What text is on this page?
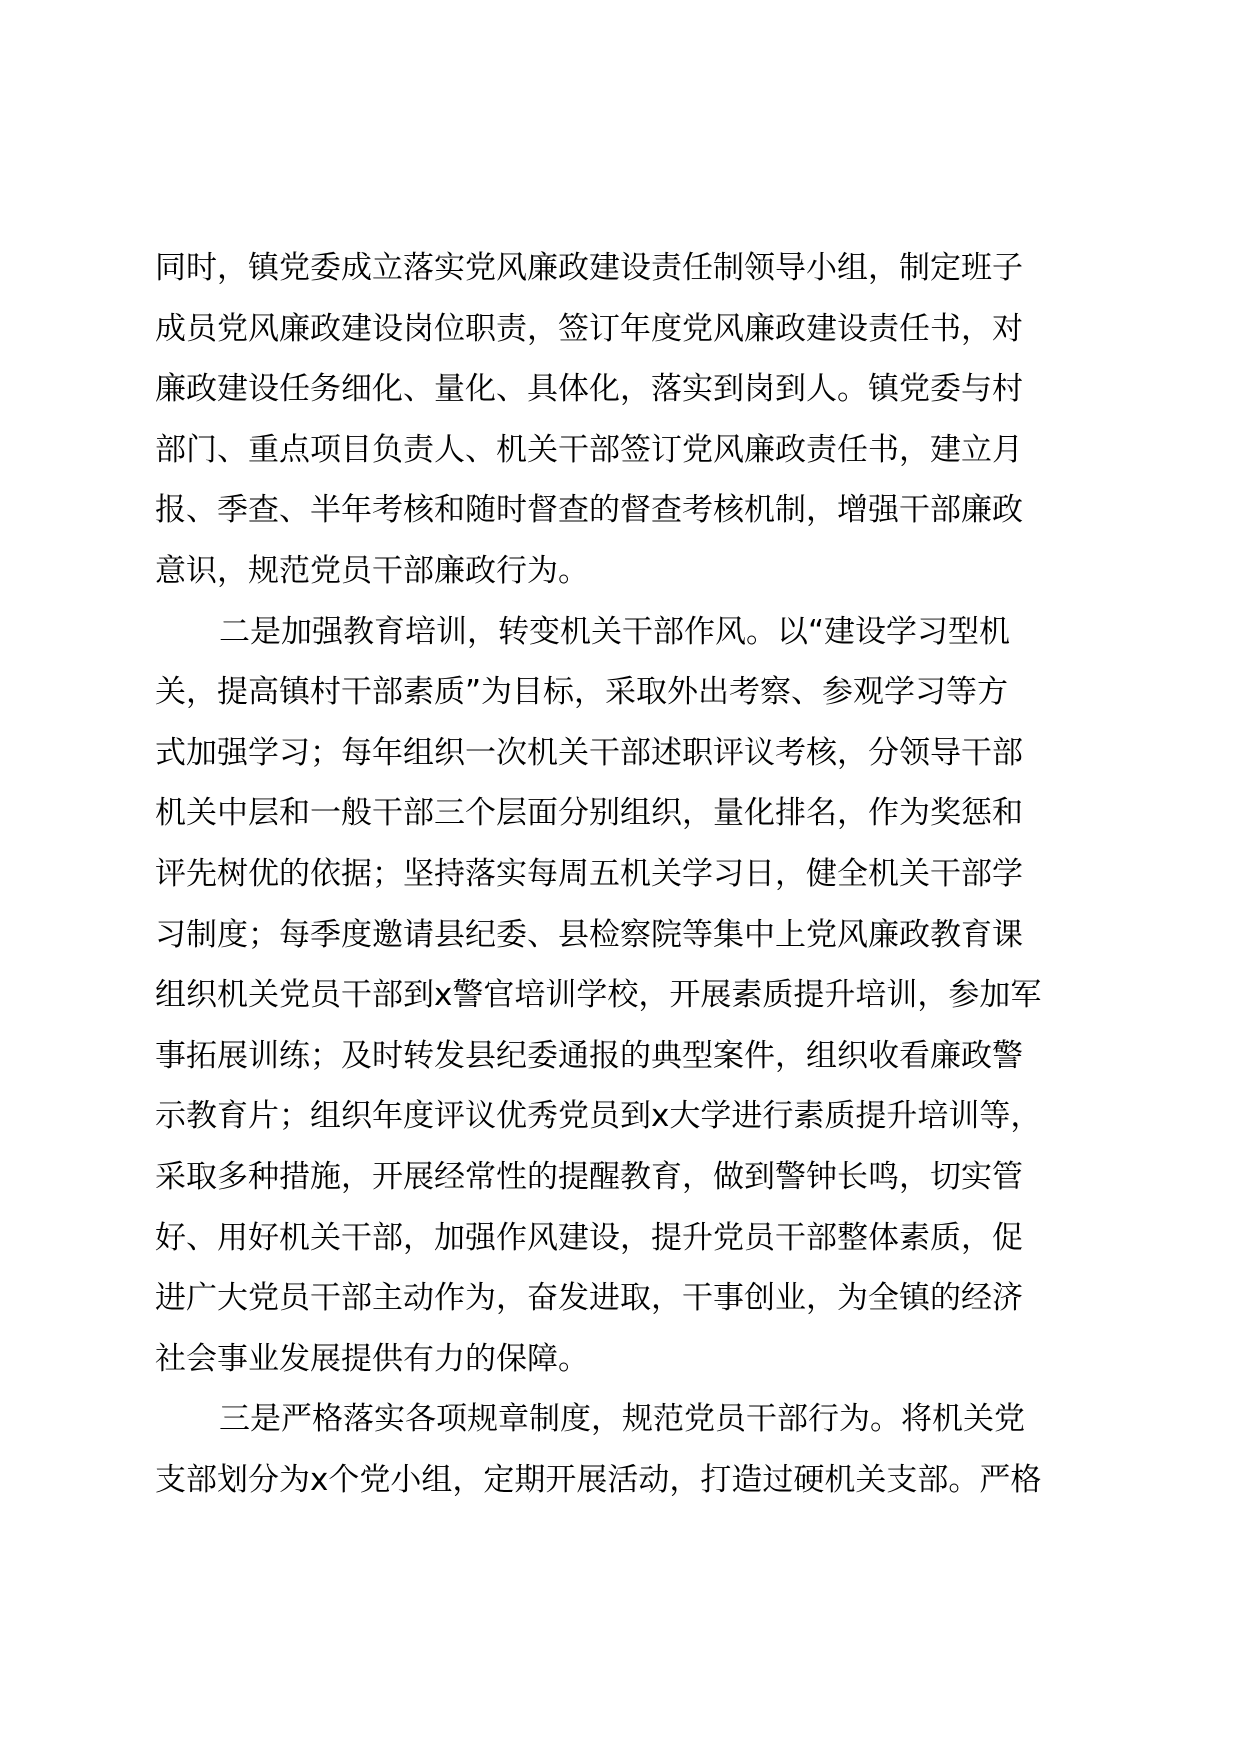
同时，镇党委成立落实党风廉政建设责任制领导小组，制定班子
成员党风廉政建设岗位职责，签订年度党风廉政建设责任书，对
廉政建设任务细化、量化、具体化，落实到岗到人。镇党委与村
部门、重点项目负责人、机关干部签订党风廉政责任书，建立月
报、季查、半年考核和随时督查的督查考核机制，增强干部廉政
意识，规范党员干部廉政行为。
二是加强教育培训，转变机关干部作风。以“建设学习型机
关，提高镇村干部素质”为目标，采取外出考察、参观学习等方
式加强学习；每年组织一次机关干部述职评议考核，分领导干部
机关中层和一般干部三个层面分别组织，量化排名，作为奖惩和
评先树优的依据；坚持落实每周五机关学习日，健全机关干部学
习制度；每季度邀请县纪委、县检察院等集中上党风廉政教育课
组织机关党员干部到x警官培训学校，开展素质提升培训，参加军
事拓展训练；及时转发县纪委通报的典型案件，组织收看廉政警
示教育片；组织年度评议优秀党员到x大学进行素质提升培训等，
采取多种措施，开展经常性的提醒教育，做到警钟长鸣，切实管
好、用好机关干部，加强作风建设，提升党员干部整体素质，促
进广大党员干部主动作为，奋发进取，干事创业，为全镇的经济
社会事业发展提供有力的保障。
三是严格落实各项规章制度，规范党员干部行为。将机关党
支部划分为x个党小组，定期开展活动，打造过硬机关支部。严格
